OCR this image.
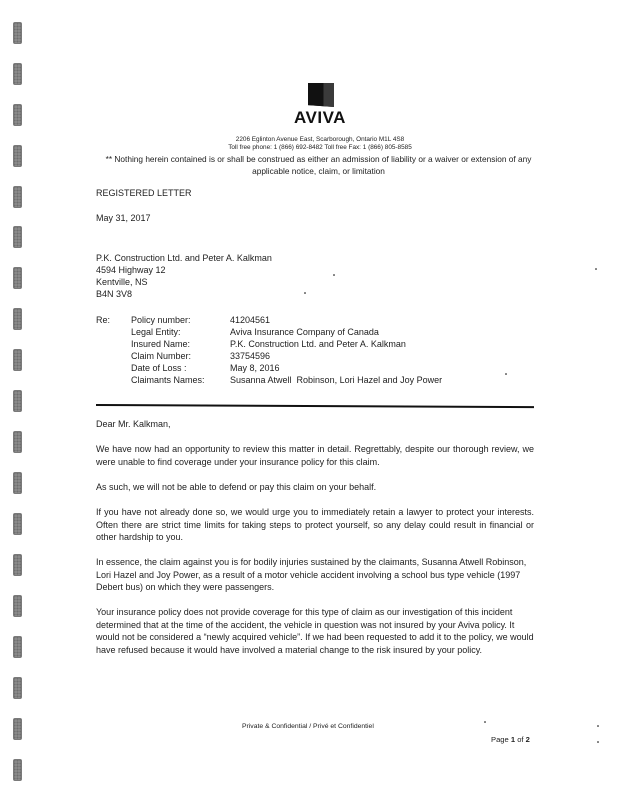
AVIVA
2206 Eglinton Avenue East, Scarborough, Ontario M1L 4S8
Toll free phone: 1 (866) 692-8482 Toll free Fax: 1 (866) 805-8585
** Nothing herein contained is or shall be construed as either an admission of liability or a waiver or extension of any applicable notice, claim, or limitation
REGISTERED LETTER
May 31, 2017
P.K. Construction Ltd. and Peter A. Kalkman
4594 Highway 12
Kentville, NS
B4N 3V8
Re:	Policy number:	41204561
Legal Entity:	Aviva Insurance Company of Canada
Insured Name:	P.K. Construction Ltd. and Peter A. Kalkman
Claim Number:	33754596
Date of Loss :	May 8, 2016
Claimants Names:	Susanna Atwell  Robinson, Lori Hazel and Joy Power
Dear Mr. Kalkman,
We have now had an opportunity to review this matter in detail. Regrettably, despite our thorough review, we were unable to find coverage under your insurance policy for this claim.
As such, we will not be able to defend or pay this claim on your behalf.
If you have not already done so, we would urge you to immediately retain a lawyer to protect your interests. Often there are strict time limits for taking steps to protect yourself, so any delay could result in financial or other hardship to you.
In essence, the claim against you is for bodily injuries sustained by the claimants, Susanna Atwell Robinson, Lori Hazel and Joy Power, as a result of a motor vehicle accident involving a school bus type vehicle (1997 Debert bus) on which they were passengers.
Your insurance policy does not provide coverage for this type of claim as our investigation of this incident determined that at the time of the accident, the vehicle in question was not insured by your Aviva policy. It would not be considered a “newly acquired vehicle”. If we had been requested to add it to the policy, we would have refused because it would have involved a material change to the risk insured by your policy.
Private & Confidential / Privé et Confidentiel
Page 1 of 2
